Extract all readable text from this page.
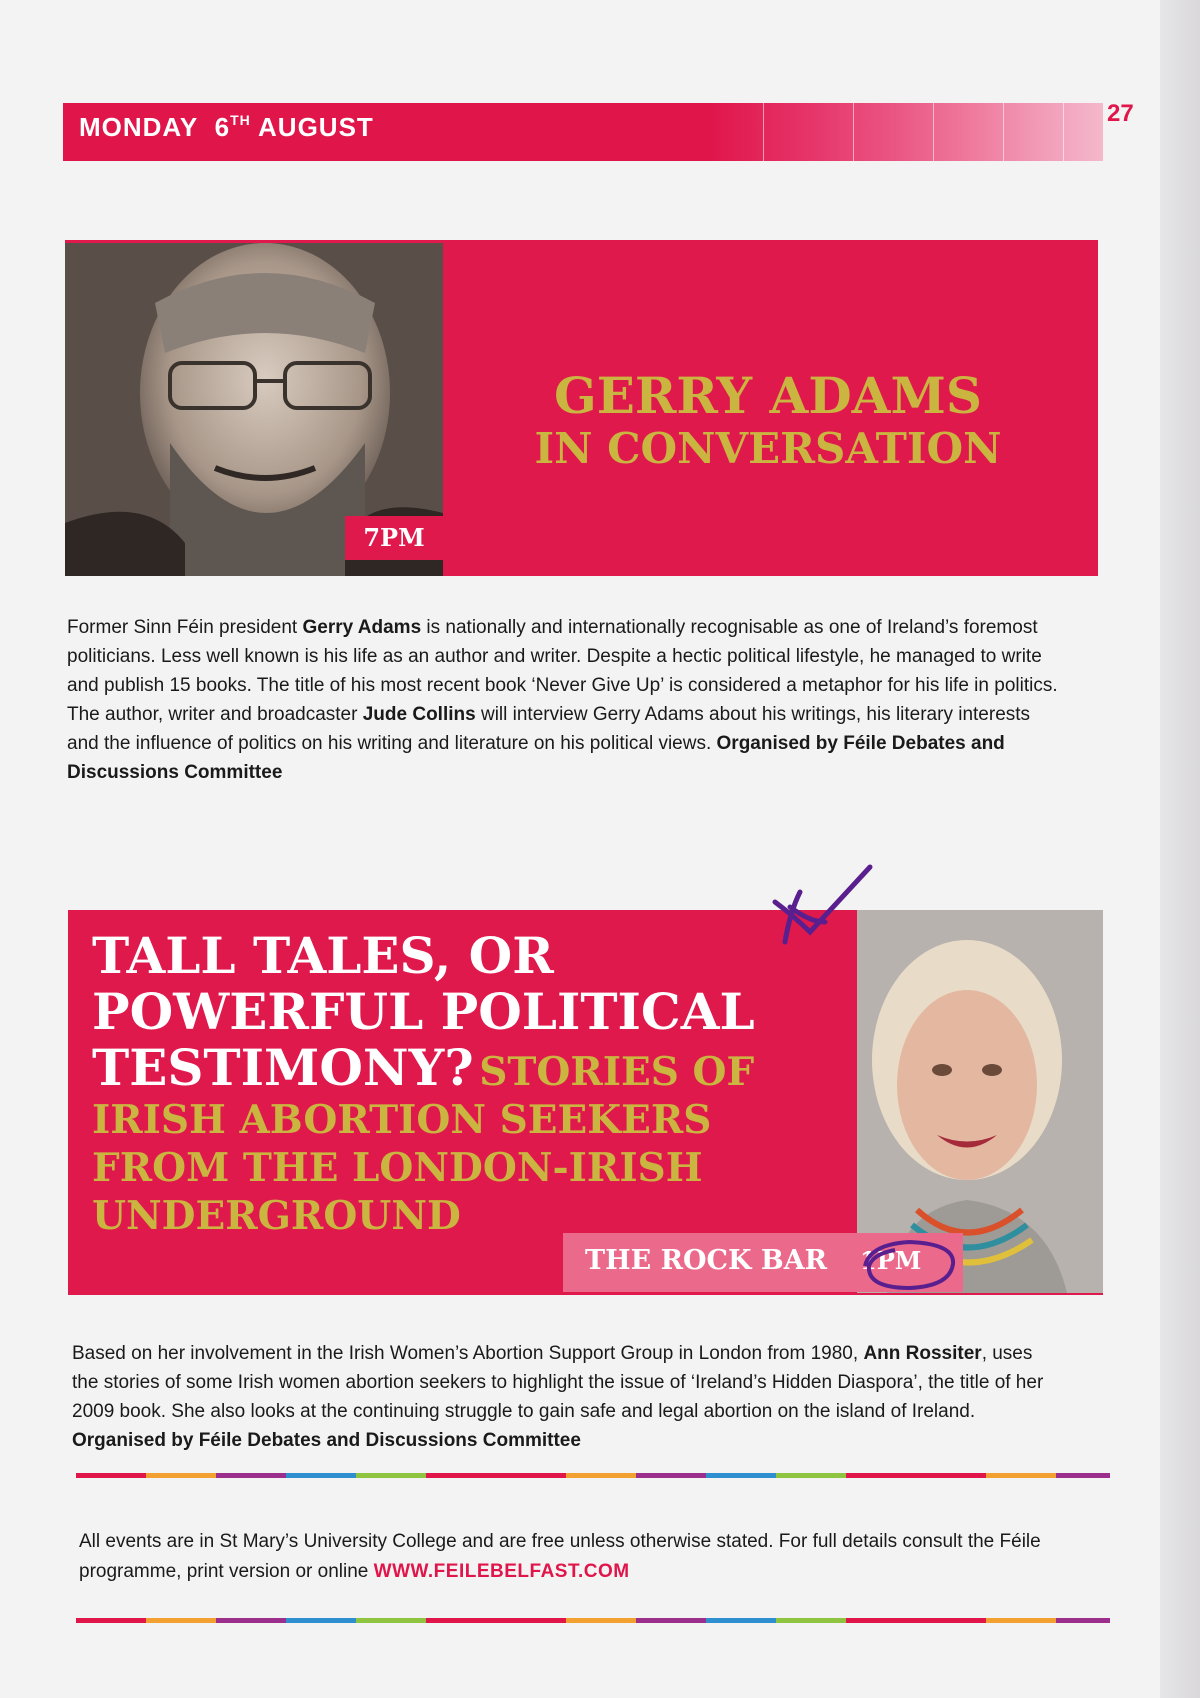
MONDAY 6TH AUGUST	27
7PM
GERRY ADAMS
IN CONVERSATION
Former Sinn Féin president Gerry Adams is nationally and internationally recognisable as one of Ireland’s foremost politicians. Less well known is his life as an author and writer. Despite a hectic political lifestyle, he managed to write and publish 15 books. The title of his most recent book ‘Never Give Up’ is considered a metaphor for his life in politics. The author, writer and broadcaster Jude Collins will interview Gerry Adams about his writings, his literary interests and the influence of politics on his writing and literature on his political views. Organised by Féile Debates and Discussions Committee
TALL TALES, OR
POWERFUL POLITICAL
TESTIMONY? STORIES OF
IRISH ABORTION SEEKERS
FROM THE LONDON-IRISH
UNDERGROUND
THE ROCK BAR 1PM
Based on her involvement in the Irish Women’s Abortion Support Group in London from 1980, Ann Rossiter, uses the stories of some Irish women abortion seekers to highlight the issue of ‘Ireland’s Hidden Diaspora’, the title of her 2009 book. She also looks at the continuing struggle to gain safe and legal abortion on the island of Ireland. Organised by Féile Debates and Discussions Committee
All events are in St Mary’s University College and are free unless otherwise stated. For full details consult the Féile programme, print version or online WWW.FEILEBELFAST.COM
